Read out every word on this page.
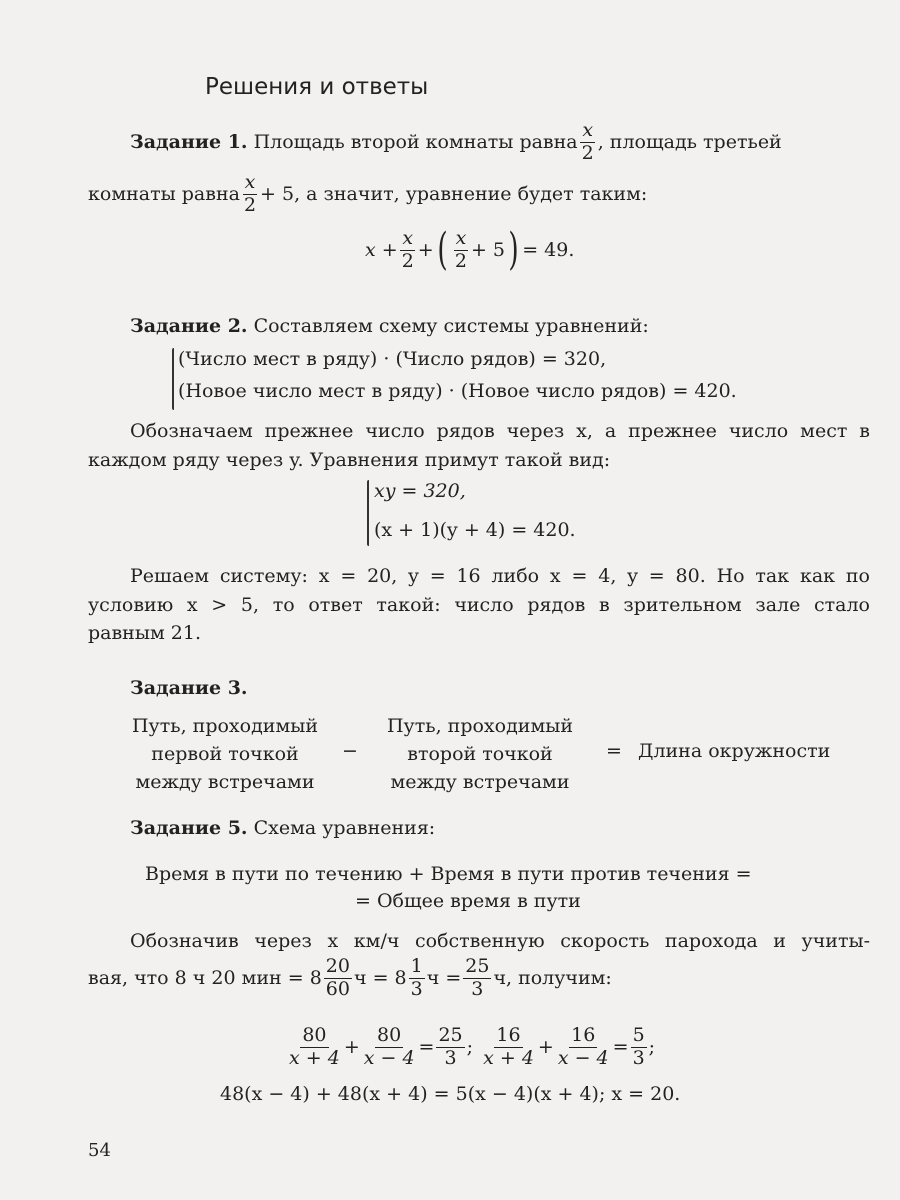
Решения и ответы
Задание 1.
Площадь второй комнаты равна $\frac{x}{2}$ , площадь третьей
комнаты равна $\frac{x}{2} + 5$, а значит, уравнение будет таким:
$x + \frac{x}{2}$ + ( $\frac{x}{2} + 5$ ) = 49.
Задание 2. Составляем схему системы уравнений:
(Число мест в ряду) · (Число рядов) = 320,
(Новое число мест в ряду) · (Новое число рядов) = 420.
Обозначаем прежнее число рядов через x, а прежнее число мест в
каждом ряду через y. Уравнения примут такой вид:
xy = 320,
(x + 1)(y + 4) = 420.
Решаем систему: x = 20, y = 16 либо x = 4, y = 80. Но так как по
условию x > 5, то ответ такой: число рядов в зрительном зале стало
равным 21.
Задание 3.
Путь, проходимый
первой точкой
между встречами
−
Путь, проходимый
второй точкой
между встречами
= Длина окружности
Задание 5. Схема уравнения:
Время в пути по течению + Время в пути против течения =
= Общее время в пути
Обозначив через x км/ч собственную скорость парохода и учиты-
вая, что 8 ч 20 мин = $8 \frac{20}{60}$ $ч = 8 \frac{1}{3}$ $ч = \frac{25}{3} ч$, получим:
$\frac{80}{x + 4} + \frac{80}{x - 4} = \frac{25}{3}$ ;
$\frac{16}{x + 4} + \frac{16}{x - 4} = \frac{5}{3}$ ;
48(x − 4) + 48(x + 4) = 5(x − 4)(x + 4); x = 20.
54
